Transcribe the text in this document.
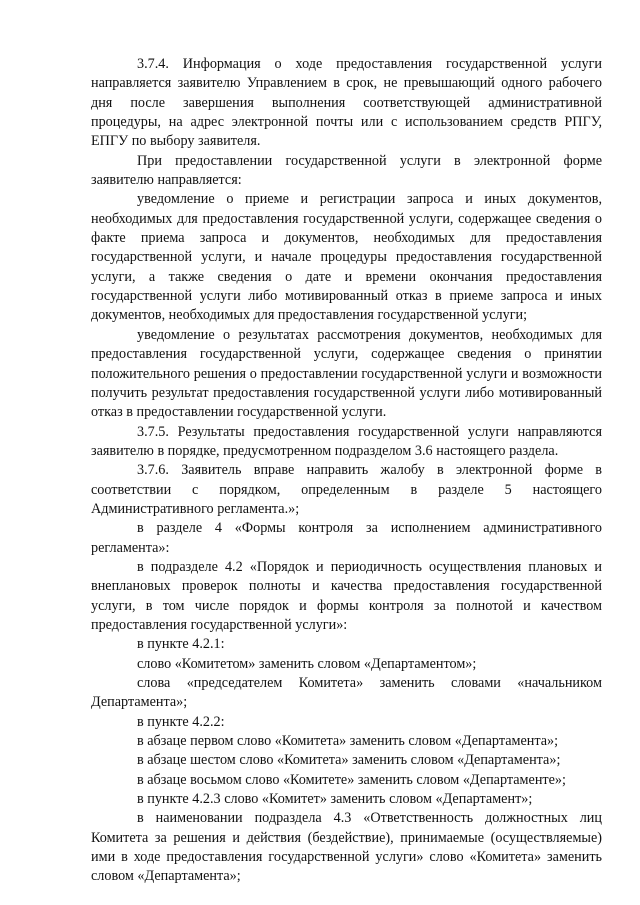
3.7.4. Информация о ходе предоставления государственной услуги направляется заявителю Управлением в срок, не превышающий одного рабочего дня после завершения выполнения соответствующей административной процедуры, на адрес электронной почты или с использованием средств РПГУ, ЕПГУ по выбору заявителя.

При предоставлении государственной услуги в электронной форме заявителю направляется:

уведомление о приеме и регистрации запроса и иных документов, необходимых для предоставления государственной услуги, содержащее сведения о факте приема запроса и документов, необходимых для предоставления государственной услуги, и начале процедуры предоставления государственной услуги, а также сведения о дате и времени окончания предоставления государственной услуги либо мотивированный отказ в приеме запроса и иных документов, необходимых для предоставления государственной услуги;

уведомление о результатах рассмотрения документов, необходимых для предоставления государственной услуги, содержащее сведения о принятии положительного решения о предоставлении государственной услуги и возможности получить результат предоставления государственной услуги либо мотивированный отказ в предоставлении государственной услуги.

3.7.5. Результаты предоставления государственной услуги направляются заявителю в порядке, предусмотренном подразделом 3.6 настоящего раздела.

3.7.6. Заявитель вправе направить жалобу в электронной форме в соответствии с порядком, определенным в разделе 5 настоящего Административного регламента.»;

в разделе 4 «Формы контроля за исполнением административного регламента»:

в подразделе 4.2 «Порядок и периодичность осуществления плановых и внеплановых проверок полноты и качества предоставления государственной услуги, в том числе порядок и формы контроля за полнотой и качеством предоставления государственной услуги»:

в пункте 4.2.1:

слово «Комитетом» заменить словом «Департаментом»;

слова «председателем Комитета» заменить словами «начальником Департамента»;

в пункте 4.2.2:

в абзаце первом слово «Комитета» заменить словом «Департамента»;

в абзаце шестом слово «Комитета» заменить словом «Департамента»;

в абзаце восьмом слово «Комитете» заменить словом «Департаменте»;

в пункте 4.2.3 слово «Комитет» заменить словом «Департамент»;

в наименовании подраздела 4.3 «Ответственность должностных лиц Комитета за решения и действия (бездействие), принимаемые (осуществляемые) ими в ходе предоставления государственной услуги» слово «Комитета» заменить словом «Департамента»;
